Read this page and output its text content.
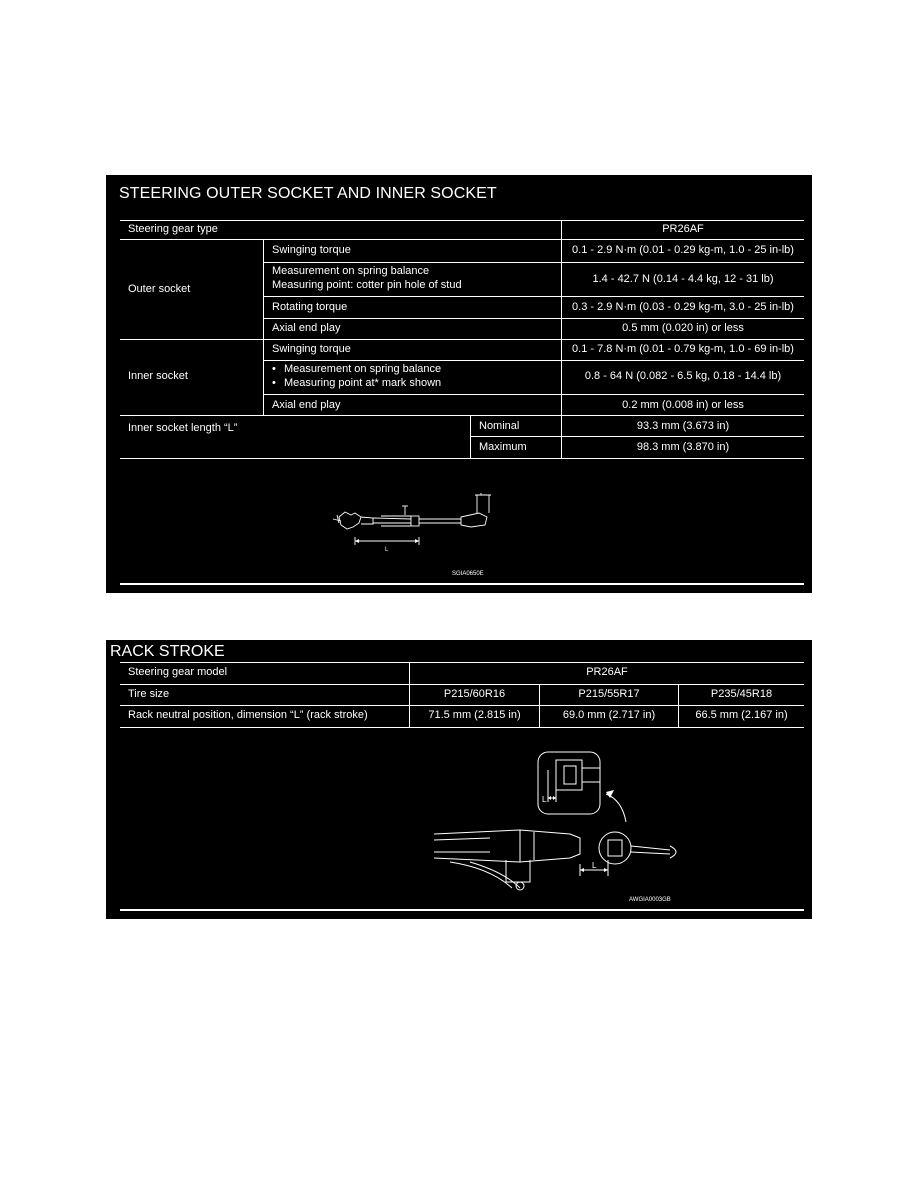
STEERING OUTER SOCKET AND INNER SOCKET
Steering gear type	PR26AF
Outer socket
Swinging torque	0.1 - 2.9 N·m (0.01 - 0.29 kg-m, 1.0 - 25 in-lb)
Measurement on spring balance
Measuring point: cotter pin hole of stud	1.4 - 42.7 N (0.14 - 4.4 kg, 12 - 31 lb)
Rotating torque	0.3 - 2.9 N·m (0.03 - 0.29 kg-m, 3.0 - 25 in-lb)
Axial end play	0.5 mm (0.020 in) or less
Inner socket
Swinging torque	0.1 - 7.8 N·m (0.01 - 0.79 kg-m, 1.0 - 69 in-lb)
• Measurement on spring balance
• Measuring point at* mark shown
0.8 - 64 N (0.082 - 6.5 kg, 0.18 - 14.4 lb)
Axial end play	0.2 mm (0.008 in) or less
Inner socket length “L”	Nominal	93.3 mm (3.673 in)
Maximum	98.3 mm (3.870 in)
L
SGIA0650E
RACK STROKE
Steering gear model	PR26AF
Tire size	P215/60R16	P215/55R17	P235/45R18
Rack neutral position, dimension “L” (rack stroke)	71.5 mm (2.815 in)	69.0 mm (2.717 in)	66.5 mm (2.167 in)
L
L
AWGIA0003GB
